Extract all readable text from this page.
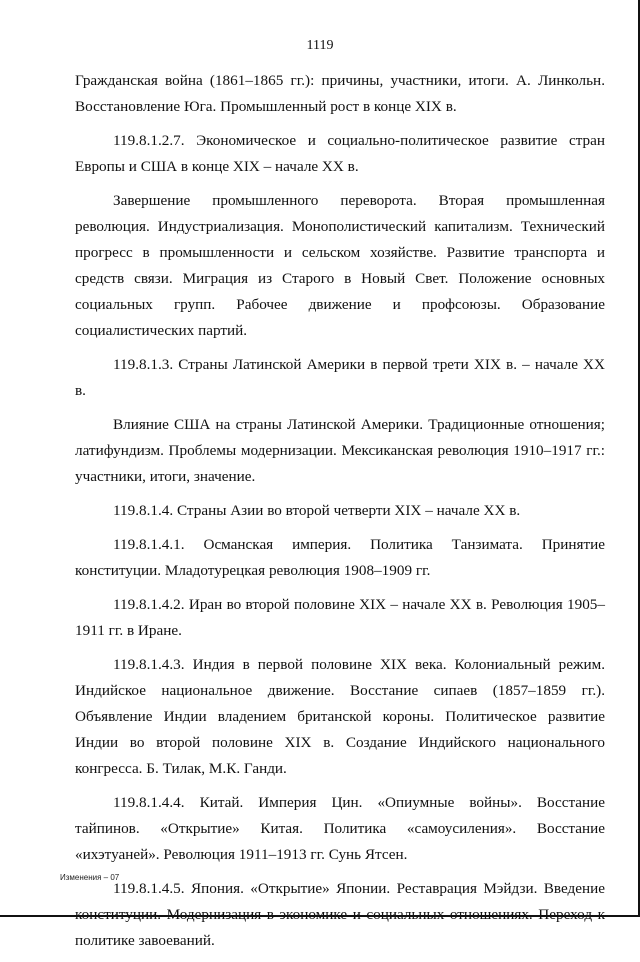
1119

Гражданская война (1861–1865 гг.): причины, участники, итоги. А. Линкольн. Восстановление Юга. Промышленный рост в конце XIX в.

119.8.1.2.7. Экономическое и социально-политическое развитие стран Европы и США в конце XIX – начале XX в.

Завершение промышленного переворота. Вторая промышленная революция. Индустриализация. Монополистический капитализм. Технический прогресс в промышленности и сельском хозяйстве. Развитие транспорта и средств связи. Миграция из Старого в Новый Свет. Положение основных социальных групп. Рабочее движение и профсоюзы. Образование социалистических партий.

119.8.1.3. Страны Латинской Америки в первой трети XIX в. – начале XX в.

Влияние США на страны Латинской Америки. Традиционные отношения; латифундизм. Проблемы модернизации. Мексиканская революция 1910–1917 гг.: участники, итоги, значение.

119.8.1.4. Страны Азии во второй четверти XIX – начале XX в.

119.8.1.4.1. Османская империя. Политика Танзимата. Принятие конституции. Младотурецкая революция 1908–1909 гг.

119.8.1.4.2. Иран во второй половине XIX – начале XX в. Революция 1905–1911 гг. в Иране.

119.8.1.4.3. Индия в первой половине XIX века. Колониальный режим. Индийское национальное движение. Восстание сипаев (1857–1859 гг.). Объявление Индии владением британской короны. Политическое развитие Индии во второй половине XIX в. Создание Индийского национального конгресса. Б. Тилак, М.К. Ганди.

119.8.1.4.4. Китай. Империя Цин. «Опиумные войны». Восстание тайпинов. «Открытие» Китая. Политика «самоусиления». Восстание «ихэтуаней». Революция 1911–1913 гг. Сунь Ятсен.

119.8.1.4.5. Япония. «Открытие» Японии. Реставрация Мэйдзи. Введение политике завоеваний.

Изменения – 07
